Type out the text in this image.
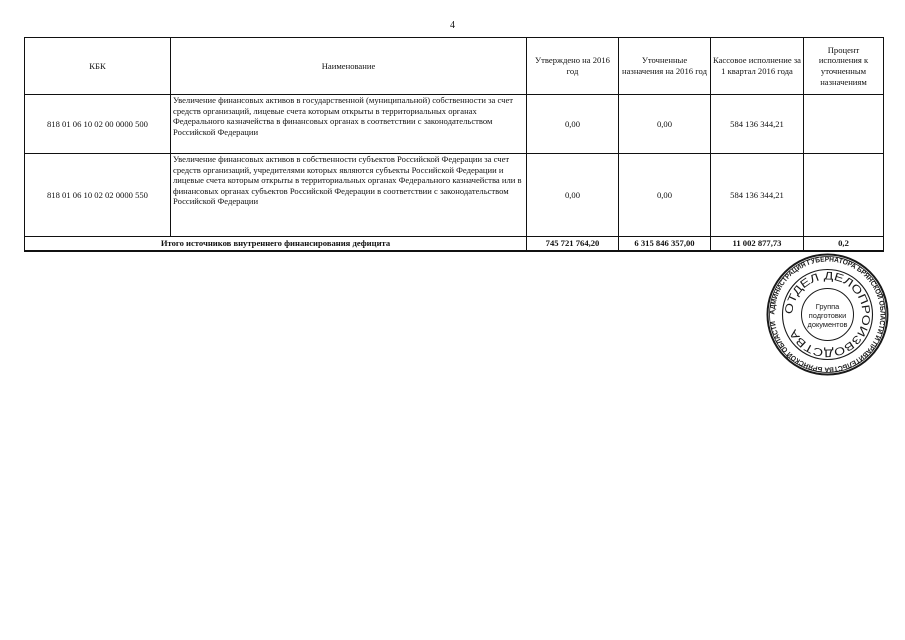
4
КБК	Наименование	Утверждено на 2016 год	Уточненные назначения на 2016 год	Кассовое исполнение за 1 квартал 2016 года	Процент исполнения к уточненным назначениям
818 01 06 10 02 00 0000 500	Увеличение финансовых активов в государственной (муниципальной) собственности за счет средств организаций, лицевые счета которым открыты в территориальных органах Федерального казначейства в финансовых органах в соответствии с законодательством Российской Федерации	0,00	0,00	584 136 344,21	
818 01 06 10 02 02 0000 550	Увеличение финансовых активов в собственности субъектов Российской Федерации за счет средств организаций, учредителями которых являются субъекты Российской Федерации и лицевые счета которым открыты в территориальных органах Федерального казначейства или в финансовых органах субъектов Российской Федерации в соответствии с законодательством Российской Федерации	0,00	0,00	584 136 344,21	
Итого источников внутреннего финансирования дефицита		745 721 764,20	6 315 846 357,00	11 002 877,73	0,2
АДМИНИСТРАЦИЯ ГУБЕРНАТОРА БРЯНСКОЙ ОБЛАСТИ И ПРАВИТЕЛЬСТВА БРЯНСКОЙ ОБЛАСТИ
ОТДЕЛ ДЕЛОПРОИЗВОДСТВА
Группа
подготовки
документов
